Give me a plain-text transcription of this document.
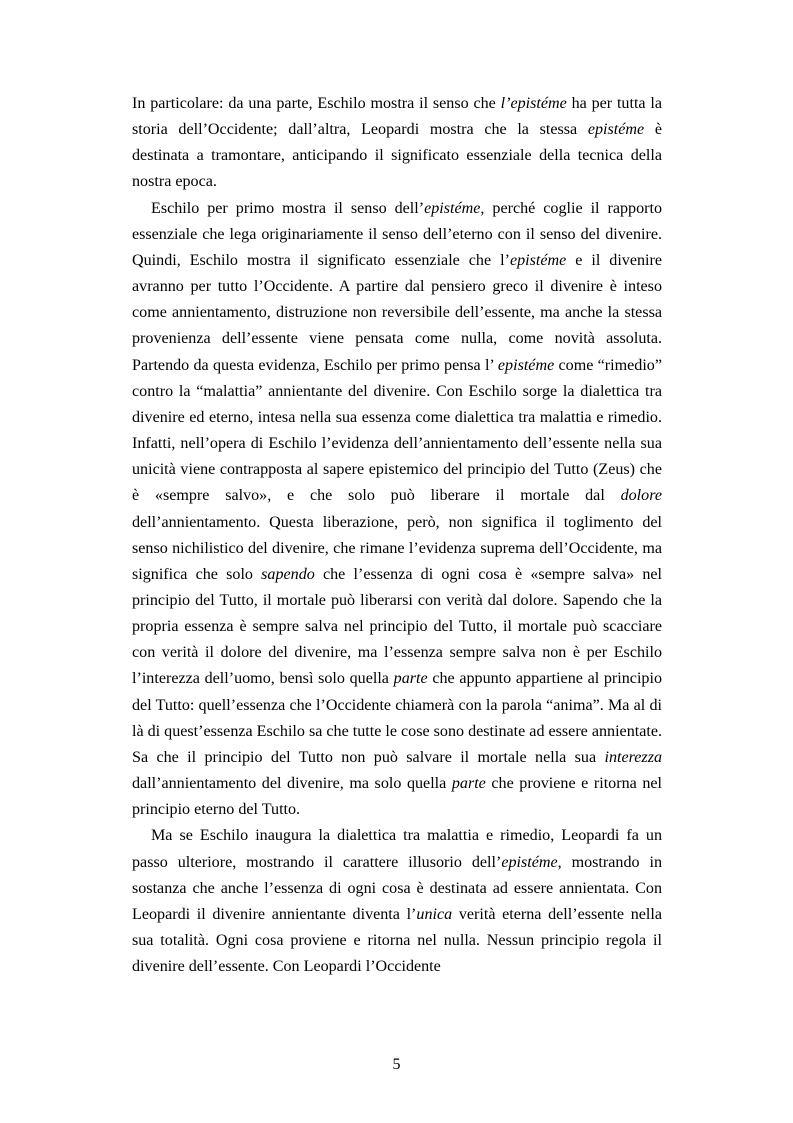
In particolare: da una parte, Eschilo mostra il senso che l’epistéme ha per tutta la storia dell’Occidente; dall’altra, Leopardi mostra che la stessa epistéme è destinata a tramontare, anticipando il significato essenziale della tecnica della nostra epoca.

Eschilo per primo mostra il senso dell’epistéme, perché coglie il rapporto essenziale che lega originariamente il senso dell’eterno con il senso del divenire. Quindi, Eschilo mostra il significato essenziale che l’epistéme e il divenire avranno per tutto l’Occidente. A partire dal pensiero greco il divenire è inteso come annientamento, distruzione non reversibile dell’essente, ma anche la stessa provenienza dell’essente viene pensata come nulla, come novità assoluta. Partendo da questa evidenza, Eschilo per primo pensa l’ epistéme come “rimedio” contro la “malattia” annientante del divenire. Con Eschilo sorge la dialettica tra divenire ed eterno, intesa nella sua essenza come dialettica tra malattia e rimedio. Infatti, nell’opera di Eschilo l’evidenza dell’annientamento dell’essente nella sua unicità viene contrapposta al sapere epistemico del principio del Tutto (Zeus) che è «sempre salvo», e che solo può liberare il mortale dal dolore dell’annientamento. Questa liberazione, però, non significa il toglimento del senso nichilistico del divenire, che rimane l’evidenza suprema dell’Occidente, ma significa che solo sapendo che l’essenza di ogni cosa è «sempre salva» nel principio del Tutto, il mortale può liberarsi con verità dal dolore. Sapendo che la propria essenza è sempre salva nel principio del Tutto, il mortale può scacciare con verità il dolore del divenire, ma l’essenza sempre salva non è per Eschilo l’interezza dell’uomo, bensì solo quella parte che appunto appartiene al principio del Tutto: quell’essenza che l’Occidente chiamerà con la parola “anima”. Ma al di là di quest’essenza Eschilo sa che tutte le cose sono destinate ad essere annientate. Sa che il principio del Tutto non può salvare il mortale nella sua interezza dall’annientamento del divenire, ma solo quella parte che proviene e ritorna nel principio eterno del Tutto.

Ma se Eschilo inaugura la dialettica tra malattia e rimedio, Leopardi fa un passo ulteriore, mostrando il carattere illusorio dell’epistéme, mostrando in sostanza che anche l’essenza di ogni cosa è destinata ad essere annientata. Con Leopardi il divenire annientante diventa l’unica verità eterna dell’essente nella sua totalità. Ogni cosa proviene e ritorna nel nulla. Nessun principio regola il divenire dell’essente. Con Leopardi l’Occidente

5
